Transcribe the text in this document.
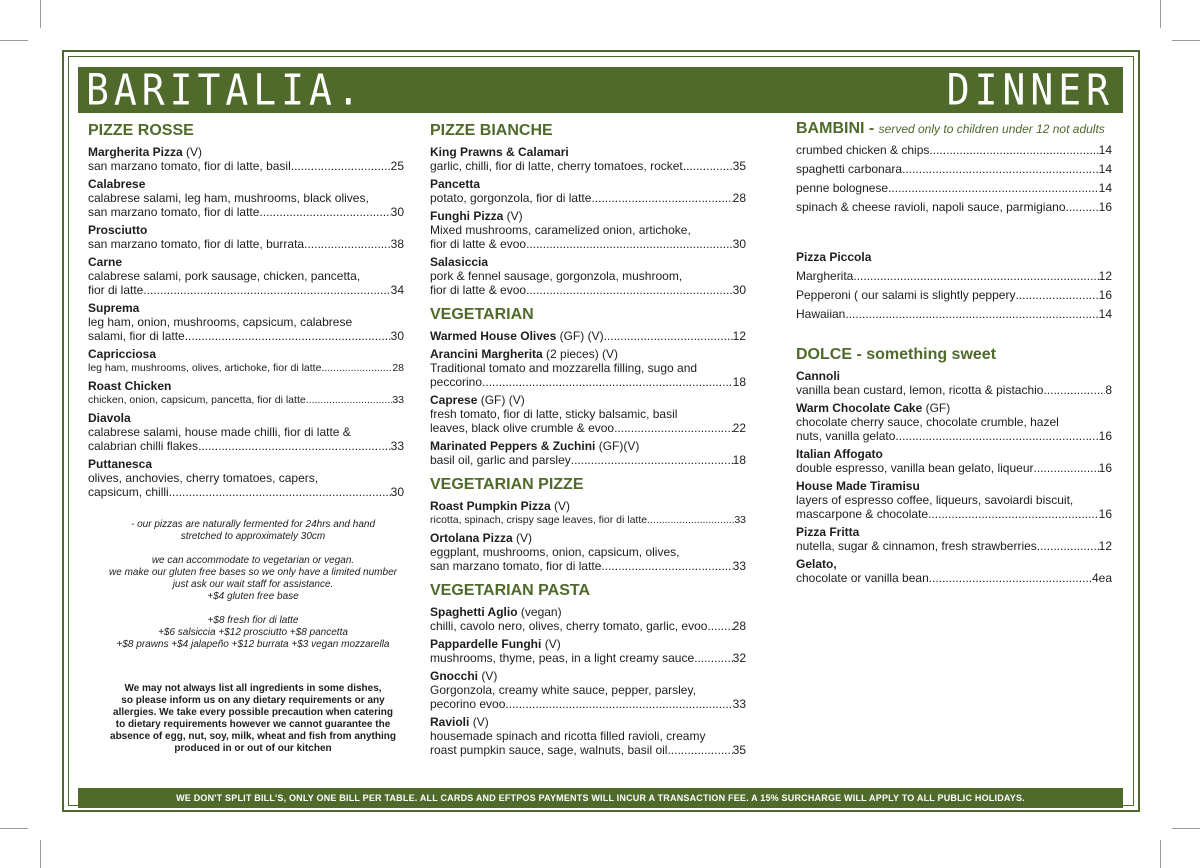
BARITALIA.	DINNER
PIZZE ROSSE
Margherita Pizza (V)
san marzano tomato, fior di latte, basil .....	25
Calabrese
calabrese salami, leg ham, mushrooms, black olives,
san marzano tomato, fior di latte .....	30
Prosciutto
san marzano tomato, fior di latte, burrata .....	38
Carne
calabrese salami, pork sausage, chicken, pancetta,
fior di latte .....	34
Suprema
leg ham, onion, mushrooms, capsicum, calabrese
salami, fior di latte .....	30
Capricciosa
leg ham, mushrooms, olives, artichoke, fior di latte .....	28
Roast Chicken
chicken, onion, capsicum, pancetta, fior di latte .....	33
Diavola
calabrese salami, house made chilli, fior di latte &
calabrian chilli flakes .....	33
Puttanesca
olives, anchovies, cherry tomatoes, capers,
capsicum, chilli .....	30
- our pizzas are naturally fermented for 24hrs and hand
stretched to approximately 30cm
we can accommodate to vegetarian or vegan.
we make our gluten free bases so we only have a limited number
just ask our wait staff for assistance.
+$4 gluten free base
+$8 fresh fior di latte
+$6 salsiccia +$12 prosciutto +$8 pancetta
+$8 prawns +$4 jalapeño +$12 burrata +$3 vegan mozzarella
We may not always list all ingredients in some dishes,
so please inform us on any dietary requirements or any
allergies. We take every possible precaution when catering
to dietary requirements however we cannot guarantee the
absence of egg, nut, soy, milk, wheat and fish from anything
produced in or out of our kitchen
PIZZE BIANCHE
King Prawns & Calamari
garlic, chilli, fior di latte, cherry tomatoes, rocket .....	35
Pancetta
potato, gorgonzola, fior di latte .....	28
Funghi Pizza (V)
Mixed mushrooms, caramelized onion, artichoke,
fior di latte & evoo .....	30
Salasiccia
pork & fennel sausage, gorgonzola, mushroom,
fior di latte & evoo .....	30
VEGETARIAN
Warmed House Olives (GF) (V) .....	12
Arancini Margherita (2 pieces) (V)
Traditional tomato and mozzarella filling, sugo and
peccorino .....	18
Caprese (GF) (V)
fresh tomato, fior di latte, sticky balsamic, basil
leaves, black olive crumble & evoo .....	22
Marinated Peppers & Zuchini (GF)(V)
basil oil, garlic and parsley .....	18
VEGETARIAN PIZZE
Roast Pumpkin Pizza (V)
ricotta, spinach, crispy sage leaves, fior di latte .....	33
Ortolana Pizza (V)
eggplant, mushrooms, onion, capsicum, olives,
san marzano tomato, fior di latte .....	33
VEGETARIAN PASTA
Spaghetti Aglio (vegan)
chilli, cavolo nero, olives, cherry tomato, garlic, evoo. ..... 28
Pappardelle Funghi (V)
mushrooms, thyme, peas, in a light creamy sauce. .....	32
Gnocchi (V)
Gorgonzola, creamy white sauce, pepper, parsley,
pecorino evoo .....	33
Ravioli (V)
housemade spinach and ricotta filled ravioli, creamy
roast pumpkin sauce, sage, walnuts, basil oil .....	35
BAMBINI - served only to children under 12 not adults
crumbed chicken & chips .....	14
spaghetti carbonara .....	14
penne bolognese .....	14
spinach & cheese ravioli, napoli sauce, parmigiano .....	16
Pizza Piccola
Margherita .....	12
Pepperoni ( our salami is slightly peppery .....	16
Hawaiian .....	14
DOLCE - something sweet
Cannoli
vanilla bean custard, lemon, ricotta & pistachio .....	8
Warm Chocolate Cake (GF)
chocolate cherry sauce, chocolate crumble, hazel
nuts, vanilla gelato .....	16
Italian Affogato
double espresso, vanilla bean gelato, liqueur .....	16
House Made Tiramisu
layers of espresso coffee, liqueurs, savoiardi biscuit,
mascarpone & chocolate .....	16
Pizza Fritta
nutella, sugar & cinnamon, fresh strawberries .....	12
Gelato,
chocolate or vanilla bean .....	4ea
WE DON'T SPLIT BILL'S, ONLY ONE BILL PER TABLE. ALL CARDS AND EFTPOS PAYMENTS WILL INCUR A TRANSACTION FEE. A 15% SURCHARGE WILL APPLY TO ALL PUBLIC HOLIDAYS.
